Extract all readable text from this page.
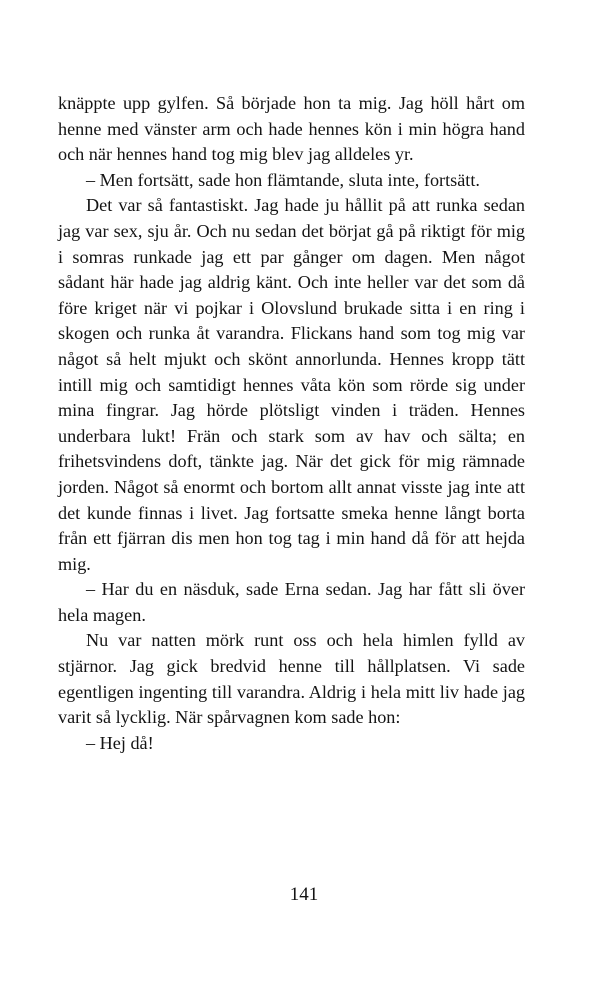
knäppte upp gylfen. Så började hon ta mig. Jag höll hårt om henne med vänster arm och hade hennes kön i min högra hand och när hennes hand tog mig blev jag alldeles yr.

– Men fortsätt, sade hon flämtande, sluta inte, fortsätt.

Det var så fantastiskt. Jag hade ju hållit på att runka sedan jag var sex, sju år. Och nu sedan det börjat gå på riktigt för mig i somras runkade jag ett par gånger om dagen. Men något sådant här hade jag aldrig känt. Och inte heller var det som då före kriget när vi pojkar i Olovslund brukade sitta i en ring i skogen och runka åt varandra. Flickans hand som tog mig var något så helt mjukt och skönt annorlunda. Hennes kropp tätt intill mig och samtidigt hennes våta kön som rörde sig under mina fingrar. Jag hörde plötsligt vinden i träden. Hennes underbara lukt! Frän och stark som av hav och sälta; en frihetsvindens doft, tänkte jag. När det gick för mig rämnade jorden. Något så enormt och bortom allt annat visste jag inte att det kunde finnas i livet. Jag fortsatte smeka henne långt borta från ett fjärran dis men hon tog tag i min hand då för att hejda mig.

– Har du en näsduk, sade Erna sedan. Jag har fått sli över hela magen.

Nu var natten mörk runt oss och hela himlen fylld av stjärnor. Jag gick bredvid henne till hållplatsen. Vi sade egentligen ingenting till varandra. Aldrig i hela mitt liv hade jag varit så lycklig. När spårvagnen kom sade hon:

– Hej då!

141
